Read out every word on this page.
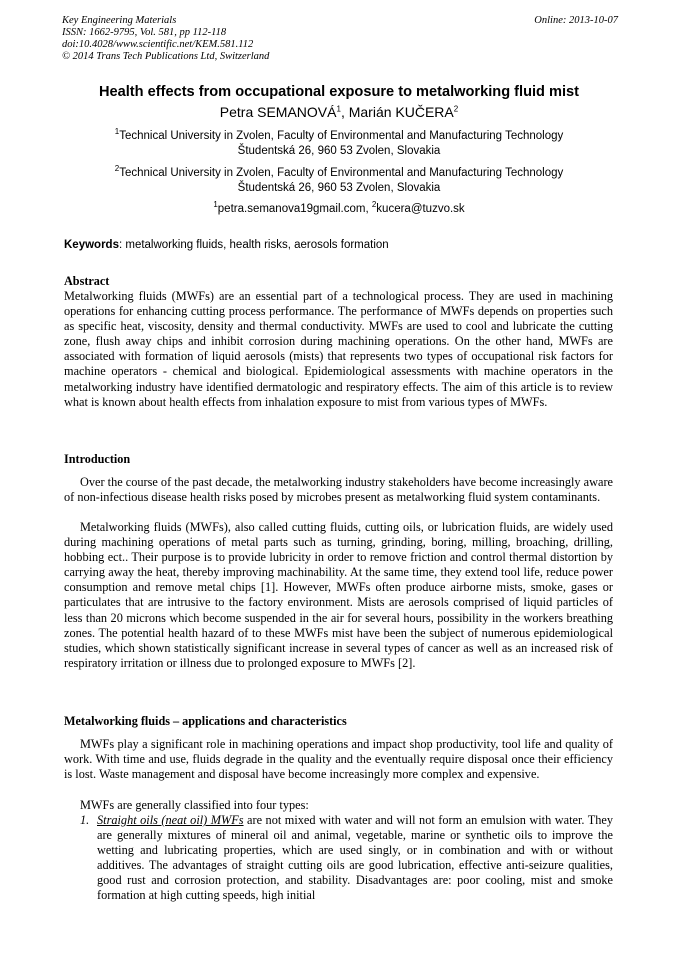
Key Engineering Materials
ISSN: 1662-9795, Vol. 581, pp 112-118
doi:10.4028/www.scientific.net/KEM.581.112
© 2014 Trans Tech Publications Ltd, Switzerland
Online: 2013-10-07
Health effects from occupational exposure to metalworking fluid mist
Petra SEMANOVÁ$^1$, Marián KUČERA$^2$
$^1$Technical University in Zvolen, Faculty of Environmental and Manufacturing Technology
Študentská 26, 960 53 Zvolen, Slovakia
$^2$Technical University in Zvolen, Faculty of Environmental and Manufacturing Technology
Študentská 26, 960 53 Zvolen, Slovakia
$^1$petra.semanova19gmail.com, $^2$kucera@tuzvo.sk
Keywords: metalworking fluids, health risks, aerosols formation
Abstract
Metalworking fluids (MWFs) are an essential part of a technological process. They are used in machining operations for enhancing cutting process performance. The performance of MWFs depends on properties such as specific heat, viscosity, density and thermal conductivity. MWFs are used to cool and lubricate the cutting zone, flush away chips and inhibit corrosion during machining operations. On the other hand, MWFs are associated with formation of liquid aerosols (mists) that represents two types of occupational risk factors for machine operators - chemical and biological. Epidemiological assessments with machine operators in the metalworking industry have identified dermatologic and respiratory effects. The aim of this article is to review what is known about health effects from inhalation exposure to mist from various types of MWFs.
Introduction
Over the course of the past decade, the metalworking industry stakeholders have become increasingly aware of non-infectious disease health risks posed by microbes present as metalworking fluid system contaminants.
Metalworking fluids (MWFs), also called cutting fluids, cutting oils, or lubrication fluids, are widely used during machining operations of metal parts such as turning, grinding, boring, milling, broaching, drilling, hobbing ect.. Their purpose is to provide lubricity in order to remove friction and control thermal distortion by carrying away the heat, thereby improving machinability. At the same time, they extend tool life, reduce power consumption and remove metal chips [1]. However, MWFs often produce airborne mists, smoke, gases or particulates that are intrusive to the factory environment. Mists are aerosols comprised of liquid particles of less than 20 microns which become suspended in the air for several hours, possibility in the workers breathing zones. The potential health hazard of to these MWFs mist have been the subject of numerous epidemiological studies, which shown statistically significant increase in several types of cancer as well as an increased risk of respiratory irritation or illness due to prolonged exposure to MWFs [2].
Metalworking fluids – applications and characteristics
MWFs play a significant role in machining operations and impact shop productivity, tool life and quality of work. With time and use, fluids degrade in the quality and the eventually require disposal once their efficiency is lost. Waste management and disposal have become increasingly more complex and expensive.
MWFs are generally classified into four types:
1. Straight oils (neat oil) MWFs are not mixed with water and will not form an emulsion with water. They are generally mixtures of mineral oil and animal, vegetable, marine or synthetic oils to improve the wetting and lubricating properties, which are used singly, or in combination and with or without additives. The advantages of straight cutting oils are good lubrication, effective anti-seizure qualities, good rust and corrosion protection, and stability. Disadvantages are: poor cooling, mist and smoke formation at high cutting speeds, high initial
